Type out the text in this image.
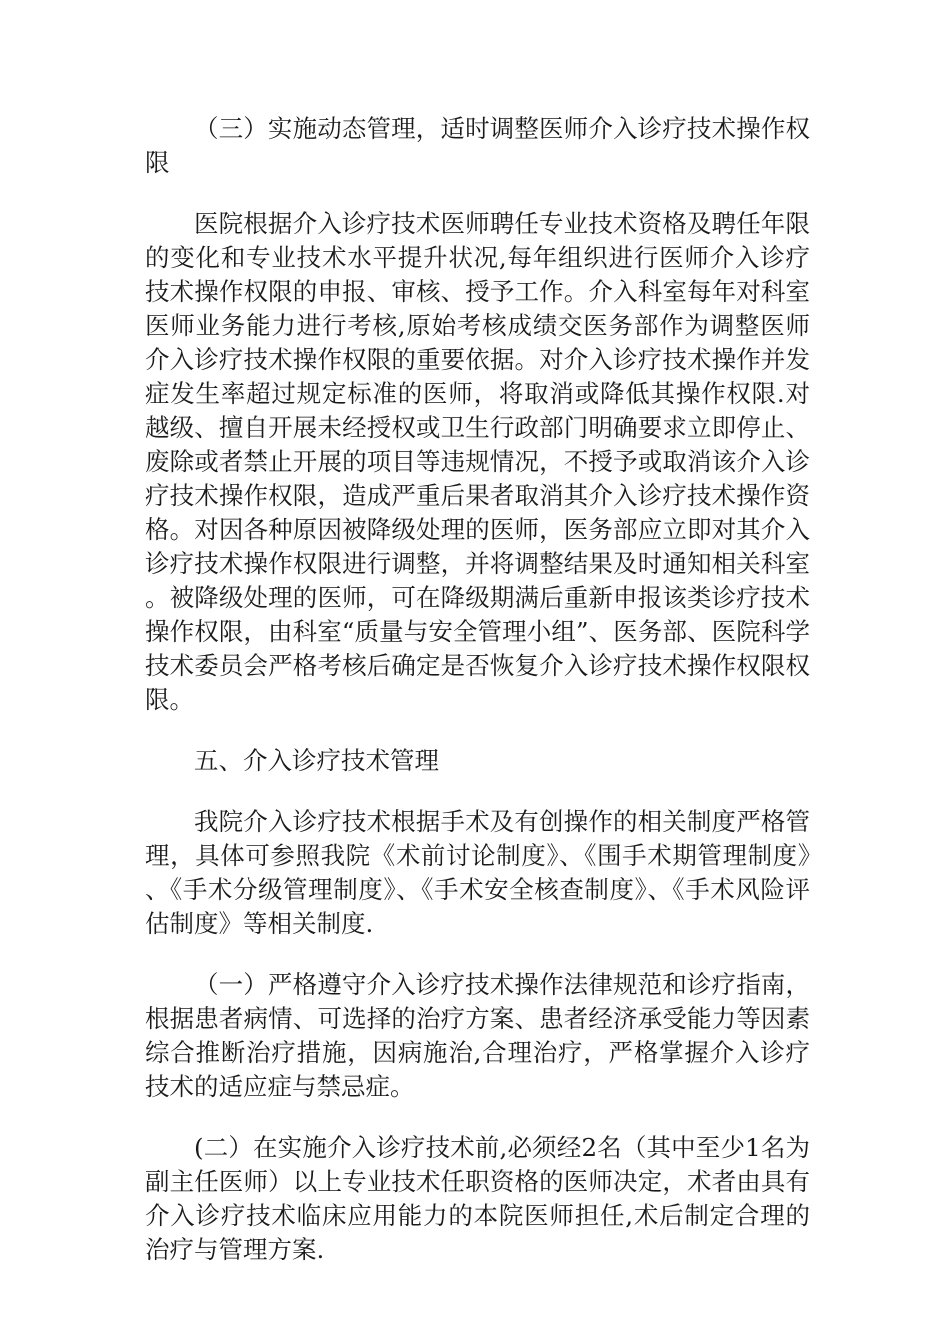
（三）实施动态管理，适时调整医师介入诊疗技术操作权限

医院根据介入诊疗技术医师聘任专业技术资格及聘任年限的变化和专业技术水平提升状况,每年组织进行医师介入诊疗技术操作权限的申报、审核、授予工作。介入科室每年对科室医师业务能力进行考核,原始考核成绩交医务部作为调整医师介入诊疗技术操作权限的重要依据。对介入诊疗技术操作并发症发生率超过规定标准的医师，将取消或降低其操作权限.对越级、擅自开展未经授权或卫生行政部门明确要求立即停止、废除或者禁止开展的项目等违规情况，不授予或取消该介入诊疗技术操作权限，造成严重后果者取消其介入诊疗技术操作资格。对因各种原因被降级处理的医师，医务部应立即对其介入诊疗技术操作权限进行调整，并将调整结果及时通知相关科室。被降级处理的医师，可在降级期满后重新申报该类诊疗技术操作权限，由科室“质量与安全管理小组”、医务部、医院科学技术委员会严格考核后确定是否恢复介入诊疗技术操作权限权限。

五、介入诊疗技术管理

我院介入诊疗技术根据手术及有创操作的相关制度严格管理，具体可参照我院《术前讨论制度》、《围手术期管理制度》、《手术分级管理制度》、《手术安全核查制度》、《手术风险评估制度》等相关制度.

（一）严格遵守介入诊疗技术操作法律规范和诊疗指南，根据患者病情、可选择的治疗方案、患者经济承受能力等因素综合推断治疗措施，因病施治,合理治疗，严格掌握介入诊疗技术的适应症与禁忌症。

(二）在实施介入诊疗技术前,必须经2名（其中至少1名为副主任医师）以上专业技术任职资格的医师决定，术者由具有介入诊疗技术临床应用能力的本院医师担任,术后制定合理的治疗与管理方案.
